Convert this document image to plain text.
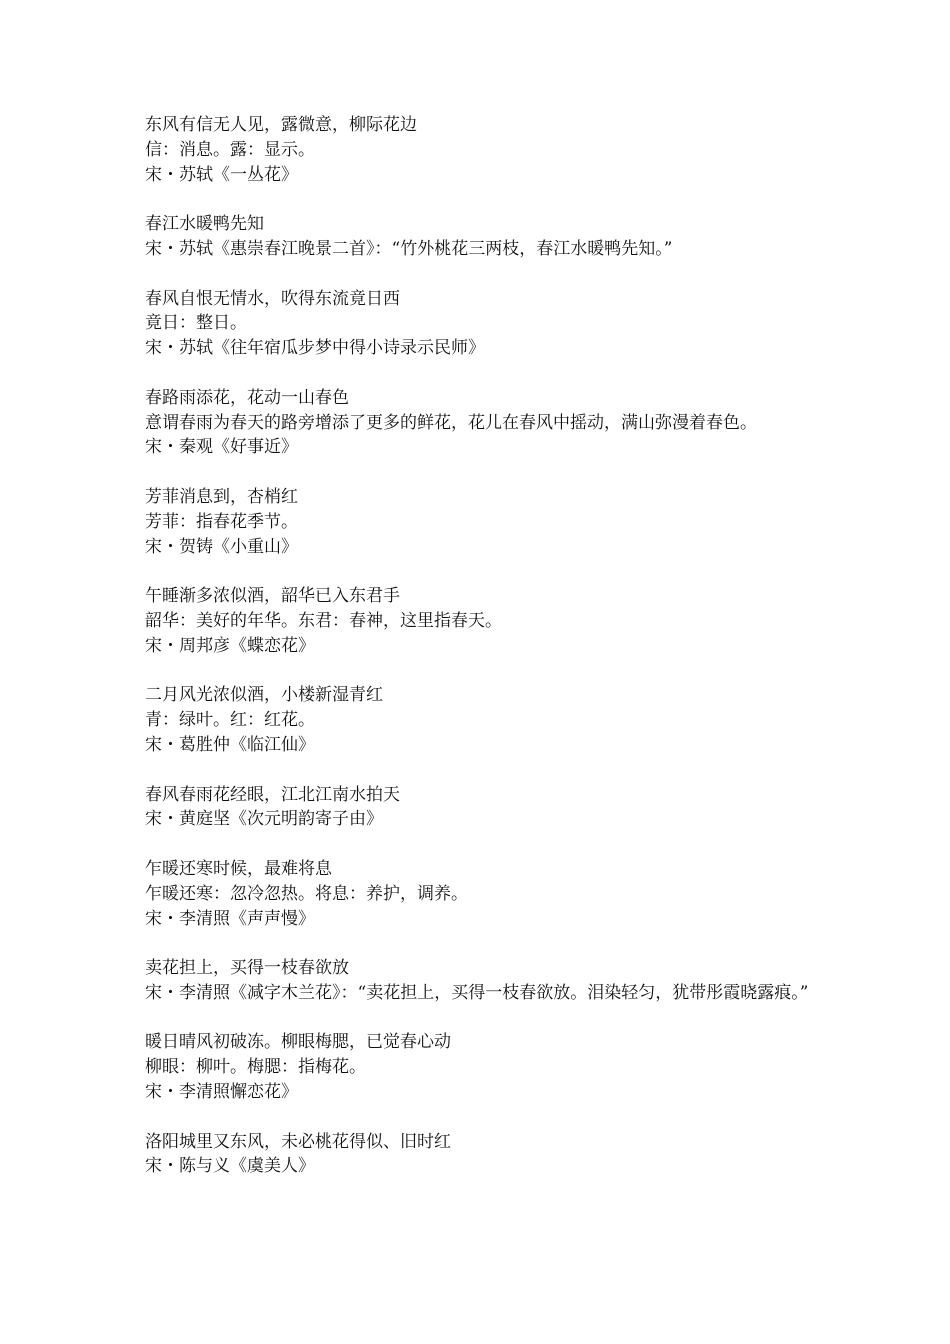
东风有信无人见，露微意，柳际花边
信：消息。露：显示。
宋・苏轼《一丛花》
春江水暖鸭先知
宋・苏轼《惠崇春江晚景二首》：“竹外桃花三两枝，春江水暖鸭先知。”
春风自恨无情水，吹得东流竟日西
竟日：整日。
宋・苏轼《往年宿瓜步梦中得小诗录示民师》
春路雨添花，花动一山春色
意谓春雨为春天的路旁增添了更多的鲜花，花儿在春风中摇动，满山弥漫着春色。
宋・秦观《好事近》
芳菲消息到，杏梢红
芳菲：指春花季节。
宋・贺铸《小重山》
午睡渐多浓似酒，韶华已入东君手
韶华：美好的年华。东君：春神，这里指春天。
宋・周邦彦《蝶恋花》
二月风光浓似酒，小楼新湿青红
青：绿叶。红：红花。
宋・葛胜仲《临江仙》
春风春雨花经眼，江北江南水拍天
宋・黄庭坚《次元明韵寄子由》
乍暖还寒时候，最难将息
乍暖还寒：忽冷忽热。将息：养护，调养。
宋・李清照《声声慢》
卖花担上，买得一枝春欲放
宋・李清照《减字木兰花》：“卖花担上，买得一枝春欲放。泪染轻匀，犹带彤霞晓露痕。”
暖日晴风初破冻。柳眼梅腮，已觉春心动
柳眼：柳叶。梅腮：指梅花。
宋・李清照懈恋花》
洛阳城里又东风，未必桃花得似、旧时红
宋・陈与义《虞美人》
